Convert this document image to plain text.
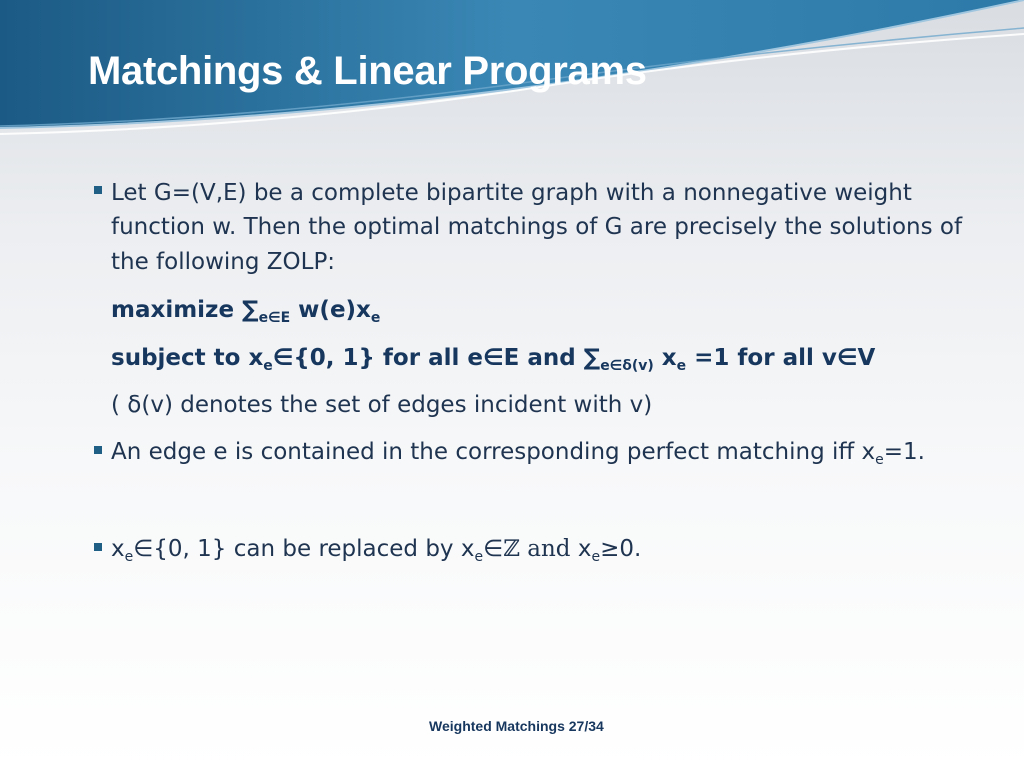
Matchings & Linear Programs

Let G=(V,E) be a complete bipartite graph with a nonnegative weight

function w. Then the optimal matchings of G are precisely the solutions of

the following ZOLP:

maximize $\sum_{e\in E}$ $w(e)x_e$

subject to $x_e\in\{0$, 1} for all e∈E and $\sum_{e\in\delta(v)}$ $x_e =1$ for all v∈V

( δ(v) denotes the set of edges incident with v)

An edge e is contained in the corresponding perfect matching iff $x_e=1$.

$x_e\in\{0$, 1} can be replaced by $x_e\in ℤ$ and $x_e\ge 0$.

Weighted Matchings 27/34
